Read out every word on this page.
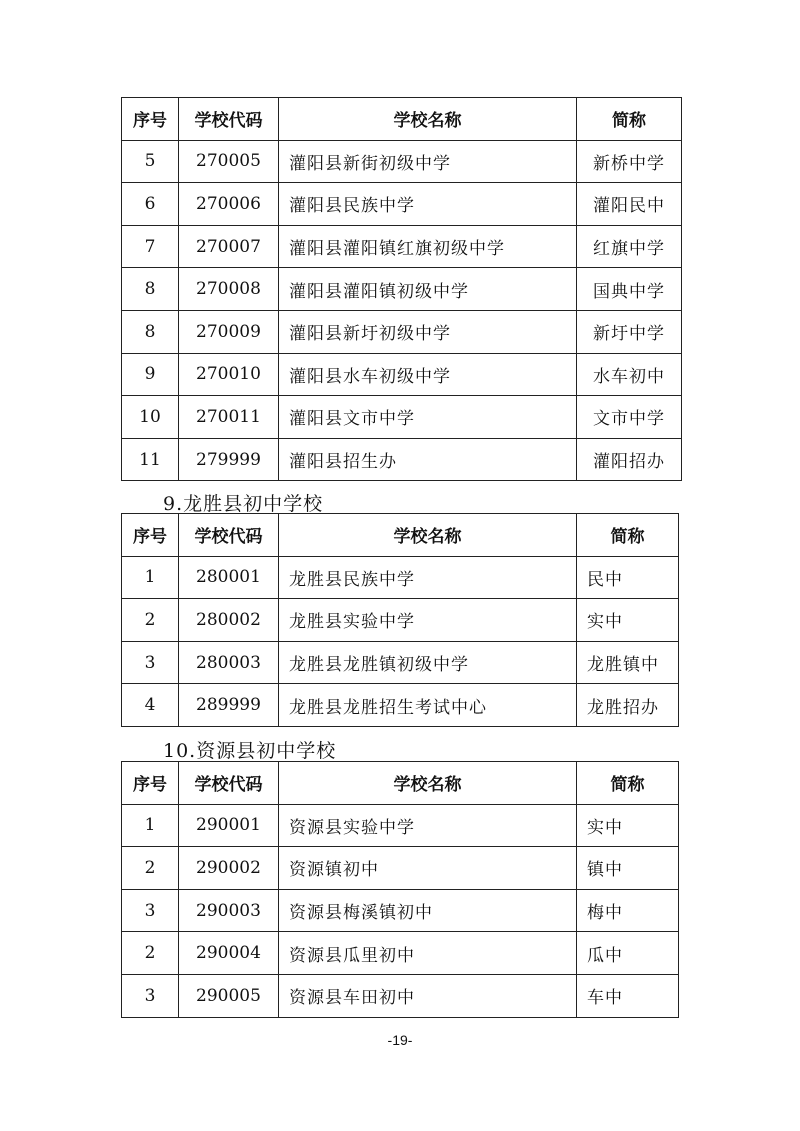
序号	学校代码	学校名称	简称
5	270005	灌阳县新街初级中学	新桥中学
6	270006	灌阳县民族中学	灌阳民中
7	270007	灌阳县灌阳镇红旗初级中学	红旗中学
8	270008	灌阳县灌阳镇初级中学	国典中学
8	270009	灌阳县新圩初级中学	新圩中学
9	270010	灌阳县水车初级中学	水车初中
10	270011	灌阳县文市中学	文市中学
11	279999	灌阳县招生办	灌阳招办
9.龙胜县初中学校
序号	学校代码	学校名称	简称
1	280001	龙胜县民族中学	民中
2	280002	龙胜县实验中学	实中
3	280003	龙胜县龙胜镇初级中学	龙胜镇中
4	289999	龙胜县龙胜招生考试中心	龙胜招办
10.资源县初中学校
序号	学校代码	学校名称	简称
1	290001	资源县实验中学	实中
2	290002	资源镇初中	镇中
3	290003	资源县梅溪镇初中	梅中
2	290004	资源县瓜里初中	瓜中
3	290005	资源县车田初中	车中
-19-
